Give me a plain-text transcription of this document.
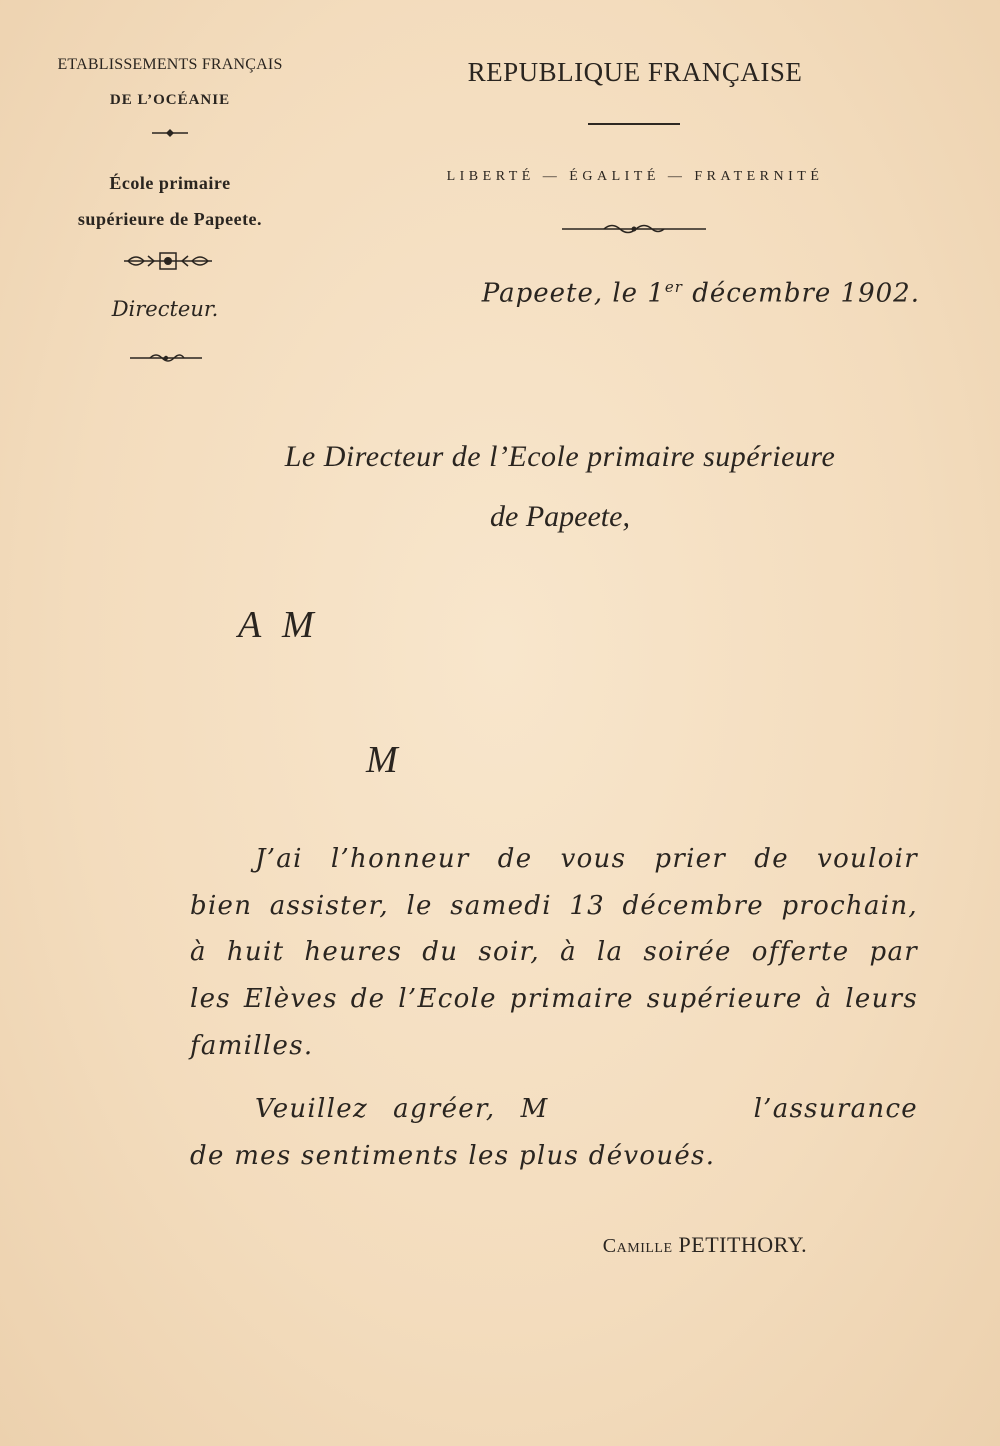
ETABLISSEMENTS FRANÇAIS
DE L’OCÉANIE
École primaire
supérieure de Papeete.
Directeur.
REPUBLIQUE FRANÇAISE
LIBERTÉ — ÉGALITÉ — FRATERNITÉ
Papeete, le 1er décembre 1902.
Le Directeur de l’Ecole primaire supérieure
de Papeete,
A M
M
J’ai l’honneur de vous prier de vouloir
bien assister, le samedi 13 décembre prochain,
à huit heures du soir, à la soirée offerte par
les Elèves de l’Ecole primaire supérieure à leurs
familles.
Veuillez agréer, M	l’assurance
de mes sentiments les plus dévoués.
Camille PETITHORY.
